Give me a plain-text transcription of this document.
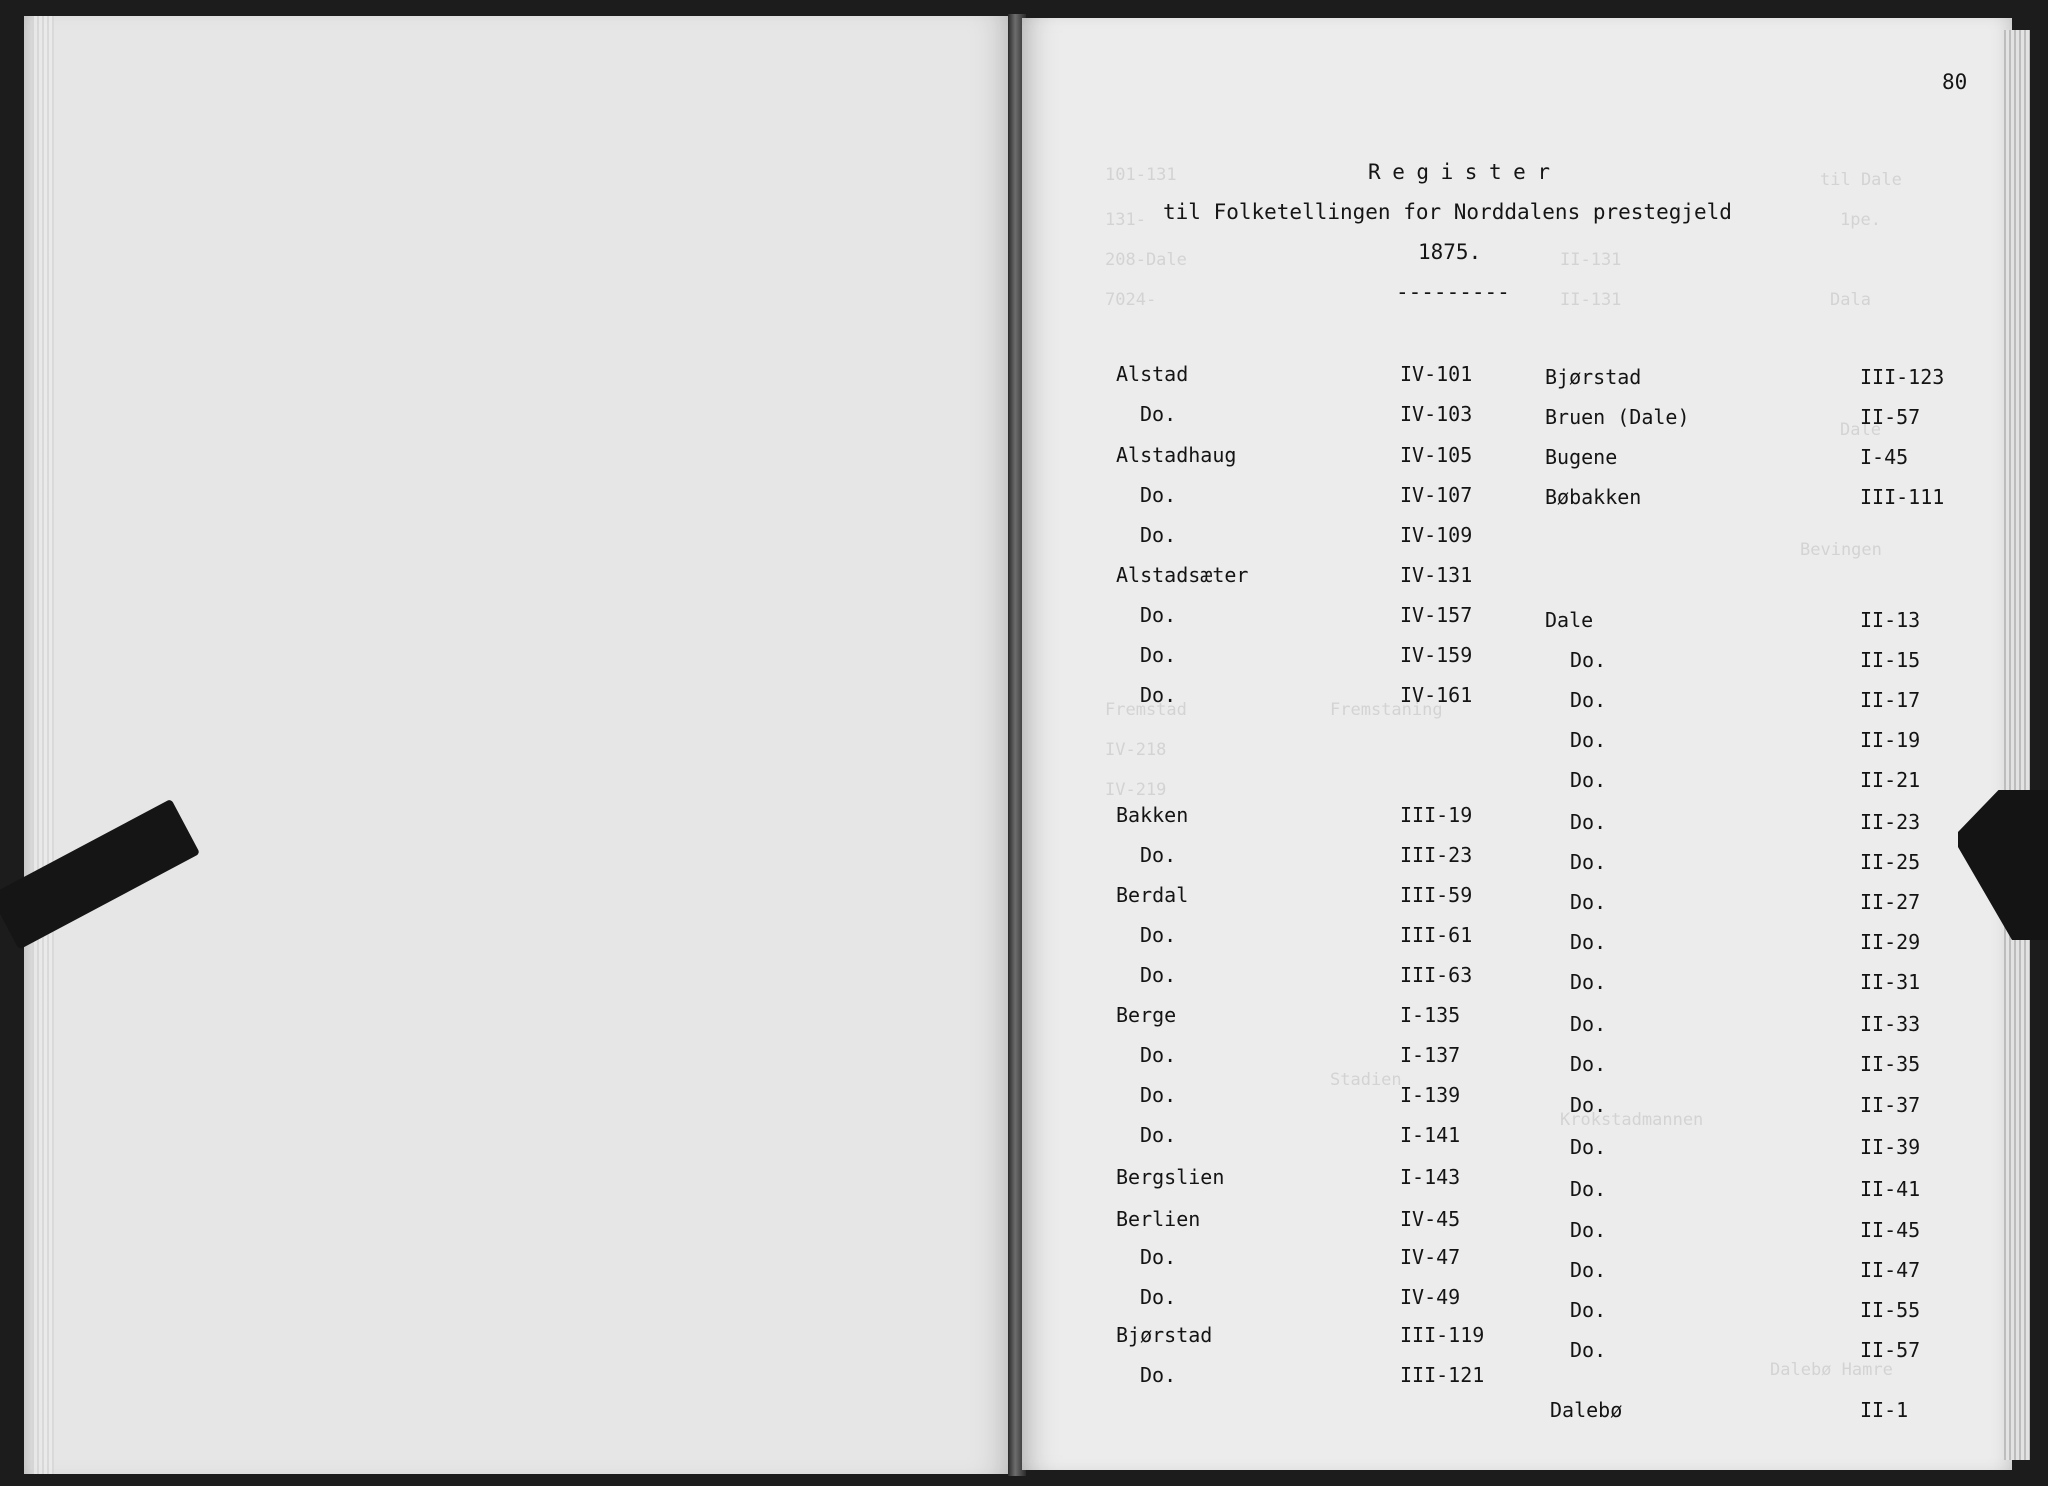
101-131
131-
208-Dale
7024-
II-131
II-131
til Dale
1pe.
Dala
Dale
Bevingen
Fremstad	Fremstaning
IV-218
IV-219
Stadien
Krokstadmannen
Dalebø Hamre
80
Register
til Folketellingen for Norddalens prestegjeld
1875.
---------
Alstad	IV-101
Do.	IV-103
Alstadhaug	IV-105
Do.	IV-107
Do.	IV-109
Alstadsæter	IV-131
Do.	IV-157
Do.	IV-159
Do.	IV-161
Bakken	III-19
Do.	III-23
Berdal	III-59
Do.	III-61
Do.	III-63
Berge	I-135
Do.	I-137
Do.	I-139
Do.	I-141
Bergslien	I-143
Berlien	IV-45
Do.	IV-47
Do.	IV-49
Bjørstad	III-119
Do.	III-121
Bjørstad	III-123
Bruen (Dale)	II-57
Bugene	I-45
Bøbakken	III-111
Dale	II-13
Do.	II-15
Do.	II-17
Do.	II-19
Do.	II-21
Do.	II-23
Do.	II-25
Do.	II-27
Do.	II-29
Do.	II-31
Do.	II-33
Do.	II-35
Do.	II-37
Do.	II-39
Do.	II-41
Do.	II-45
Do.	II-47
Do.	II-55
Do.	II-57
Dalebø	II-1
